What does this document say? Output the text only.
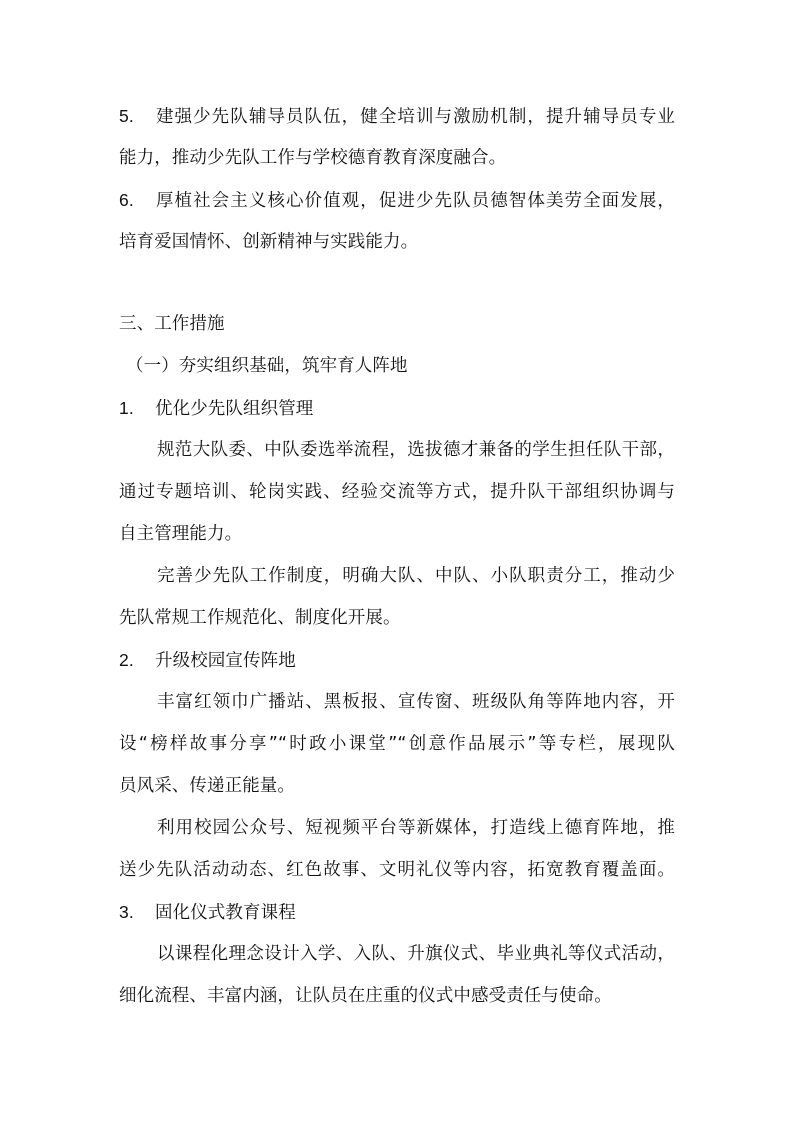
5. 建强少先队辅导员队伍，健全培训与激励机制，提升辅导员专业
能力，推动少先队工作与学校德育教育深度融合。
6. 厚植社会主义核心价值观，促进少先队员德智体美劳全面发展，
培育爱国情怀、创新精神与实践能力。
三、工作措施
（一）夯实组织基础，筑牢育人阵地
1. 优化少先队组织管理
规范大队委、中队委选举流程，选拔德才兼备的学生担任队干部，
通过专题培训、轮岗实践、经验交流等方式，提升队干部组织协调与
自主管理能力。
完善少先队工作制度，明确大队、中队、小队职责分工，推动少
先队常规工作规范化、制度化开展。
2. 升级校园宣传阵地
丰富红领巾广播站、黑板报、宣传窗、班级队角等阵地内容，开
设“榜样故事分享”“时政小课堂”“创意作品展示”等专栏，展现队
员风采、传递正能量。
利用校园公众号、短视频平台等新媒体，打造线上德育阵地，推
送少先队活动动态、红色故事、文明礼仪等内容，拓宽教育覆盖面。
3. 固化仪式教育课程
以课程化理念设计入学、入队、升旗仪式、毕业典礼等仪式活动，
细化流程、丰富内涵，让队员在庄重的仪式中感受责任与使命。
